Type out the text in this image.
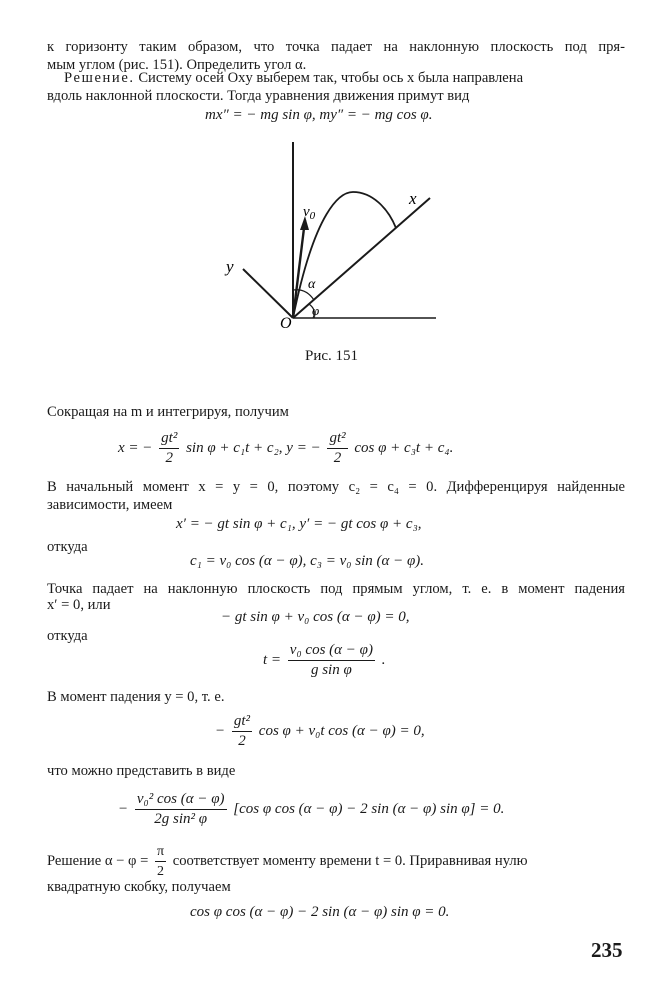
к горизонту таким образом, что точка падает на наклонную плоскость под пря-
мым углом (рис. 151). Определить угол α.
Решение. Систему осей Oxy выберем так, чтобы ось x была направлена
вдоль наклонной плоскости. Тогда уравнения движения примут вид
mx″ = − mg sin φ, my″ = − mg cos φ.
x
y
O
$v_0$
α
φ
Рис. 151
Сокращая на m и интегрируя, получим
x = − $\frac{\text{gt²}}{2}$ sin φ + c₁t + c₂, y = − $\frac{\text{gt²}}{2}$ cos φ + c₃t + c₄.
В начальный момент x = y = 0, поэтому c₂ = c₄ = 0. Дифференцируя найденные
зависимости, имеем
x′ = − gt sin φ + c₁, y′ = − gt cos φ + c₃,
откуда
c₁ = v₀ cos (α − φ), c₃ = v₀ sin (α − φ).
Точка падает на наклонную плоскость под прямым углом, т. е. в момент падения
x′ = 0, или
− gt sin φ + v₀ cos (α − φ) = 0,
откуда
$t = \frac{\text{v₀ cos (α − φ)}}{\text{g sin φ}}$ .
В момент падения y = 0, т. е.
− $\frac{\text{gt²}}{2}$ cos φ + v₀t cos (α − φ) = 0,
что можно представить в виде
− $\frac{\text{v₀² cos (α − φ)}}{\text{2g sin² φ}} [\cos$ φ cos (α − φ) − 2 sin (α − φ) sin φ] = 0.
Решение $\alpha - \varphi = \frac{\pi}{2}$ соответствует моменту времени t = 0. Приравнивая нулю
квадратную скобку, получаем
cos φ cos (α − φ) − 2 sin (α − φ) sin φ = 0.
235
